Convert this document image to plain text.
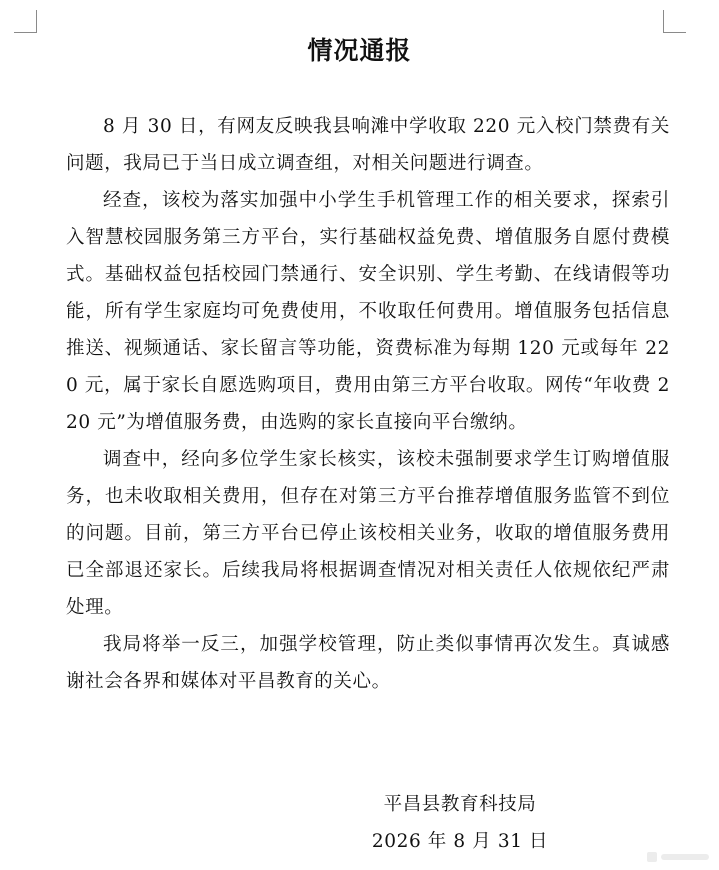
情况通报

8 月 30 日，有网友反映我县响滩中学收取 220 元入校门禁费有关问题，我局已于当日成立调查组，对相关问题进行调查。

经查，该校为落实加强中小学生手机管理工作的相关要求，探索引入智慧校园服务第三方平台，实行基础权益免费、增值服务自愿付费模式。基础权益包括校园门禁通行、安全识别、学生考勤、在线请假等功能，所有学生家庭均可免费使用，不收取任何费用。增值服务包括信息推送、视频通话、家长留言等功能，资费标准为每期 120 元或每年 220 元，属于家长自愿选购项目，费用由第三方平台收取。网传“年收费 220 元”为增值服务费，由选购的家长直接向平台缴纳。

调查中，经向多位学生家长核实，该校未强制要求学生订购增值服务，也未收取相关费用，但存在对第三方平台推荐增值服务监管不到位的问题。目前，第三方平台已停止该校相关业务，收取的增值服务费用已全部退还家长。后续我局将根据调查情况对相关责任人依规依纪严肃处理。

我局将举一反三，加强学校管理，防止类似事情再次发生。真诚感谢社会各界和媒体对平昌教育的关心。

平昌县教育科技局
2026 年 8 月 31 日
